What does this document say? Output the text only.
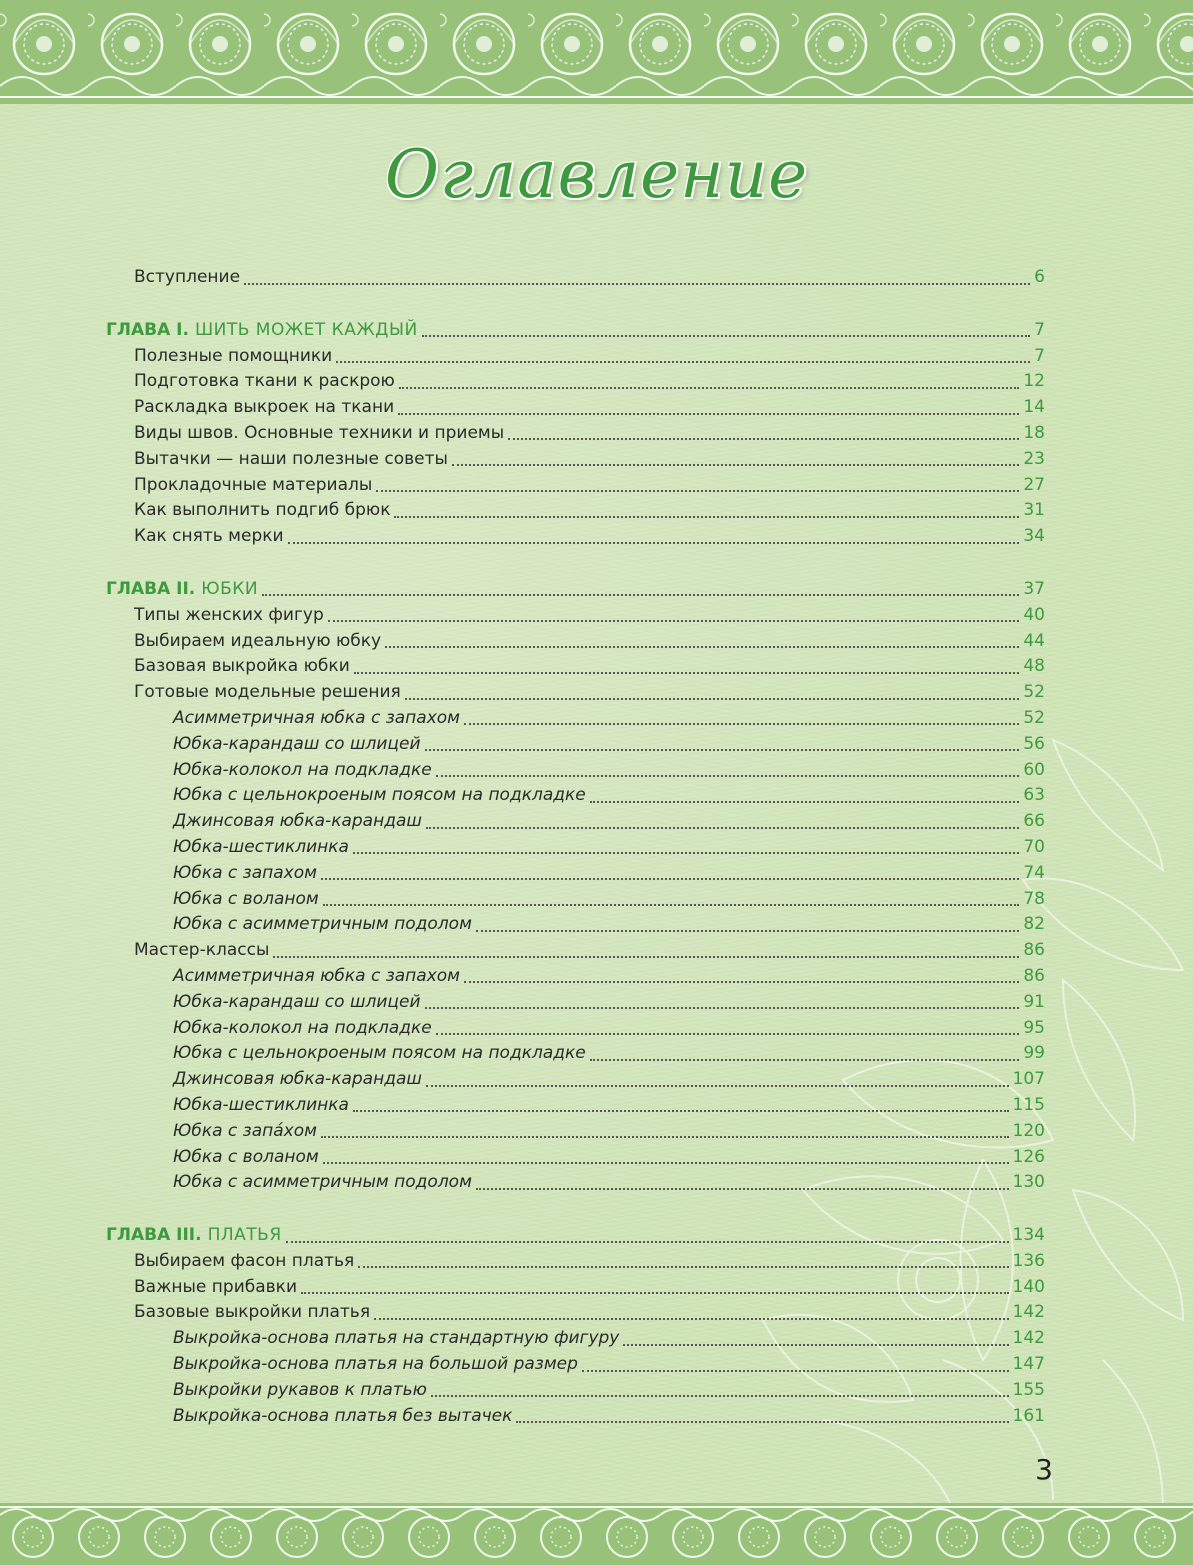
Оглавление
Вступление	6
ГЛАВА I. ШИТЬ МОЖЕТ КАЖДЫЙ	7
Полезные помощники	7
Подготовка ткани к раскрою	12
Раскладка выкроек на ткани	14
Виды швов. Основные техники и приемы	18
Вытачки — наши полезные советы	23
Прокладочные материалы	27
Как выполнить подгиб брюк	31
Как снять мерки	34
ГЛАВА II. ЮБКИ	37
Типы женских фигур	40
Выбираем идеальную юбку	44
Базовая выкройка юбки	48
Готовые модельные решения	52
Асимметричная юбка с запахом	52
Юбка-карандаш со шлицей	56
Юбка-колокол на подкладке	60
Юбка с цельнокроеным поясом на подкладке	63
Джинсовая юбка-карандаш	66
Юбка-шестиклинка	70
Юбка с запахом	74
Юбка с воланом	78
Юбка с асимметричным подолом	82
Мастер-классы	86
Асимметричная юбка с запахом	86
Юбка-карандаш со шлицей	91
Юбка-колокол на подкладке	95
Юбка с цельнокроеным поясом на подкладке	99
Джинсовая юбка-карандаш	107
Юбка-шестиклинка	115
Юбка с запáхом	120
Юбка с воланом	126
Юбка с асимметричным подолом	130
ГЛАВА III. ПЛАТЬЯ	134
Выбираем фасон платья	136
Важные прибавки	140
Базовые выкройки платья	142
Выкройка-основа платья на стандартную фигуру	142
Выкройка-основа платья на большой размер	147
Выкройки рукавов к платью	155
Выкройка-основа платья без вытачек	161
3
